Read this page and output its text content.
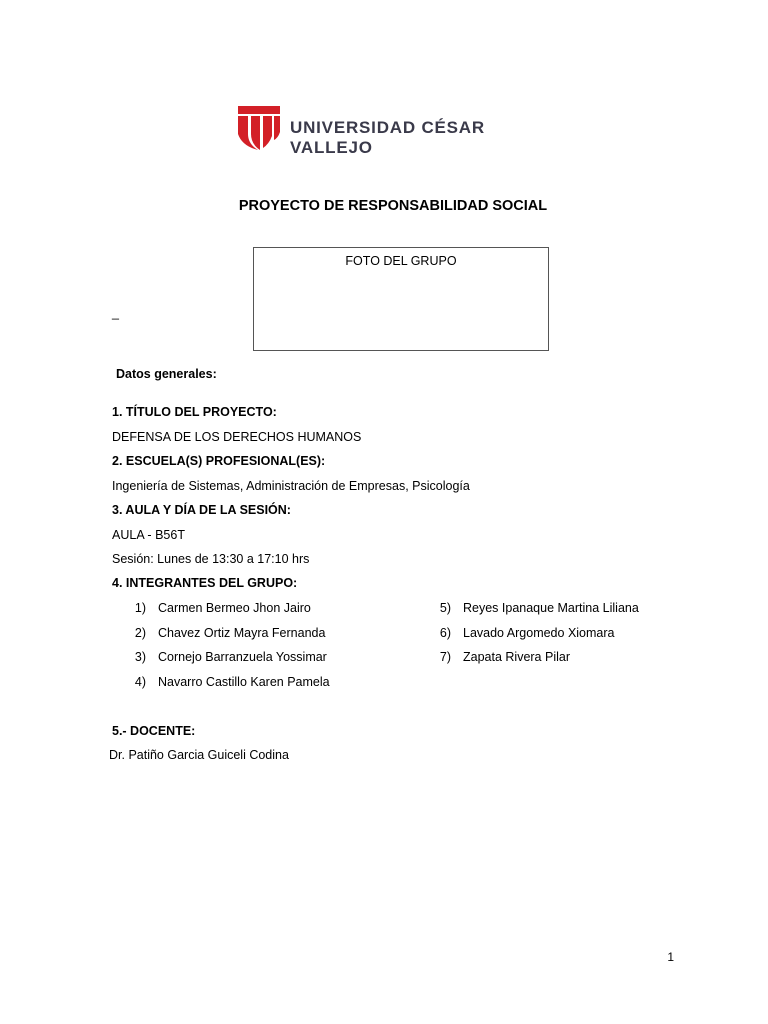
UNIVERSIDAD CÉSAR VALLEJO
PROYECTO DE RESPONSABILIDAD SOCIAL
FOTO DEL GRUPO
_
Datos generales:
1. TÍTULO DEL PROYECTO:
DEFENSA DE LOS DERECHOS HUMANOS
2. ESCUELA(S) PROFESIONAL(ES):
Ingeniería de Sistemas, Administración de Empresas, Psicología
3. AULA Y DÍA DE LA SESIÓN:
AULA - B56T
Sesión: Lunes de 13:30 a 17:10 hrs
4. INTEGRANTES DEL GRUPO:
1) Carmen Bermeo Jhon Jairo
2) Chavez Ortiz Mayra Fernanda
3) Cornejo Barranzuela Yossimar
4) Navarro Castillo Karen Pamela
5) Reyes Ipanaque Martina Liliana
6) Lavado Argomedo Xiomara
7) Zapata Rivera Pilar
5.- DOCENTE:
Dr. Patiño Garcia Guiceli Codina
1
